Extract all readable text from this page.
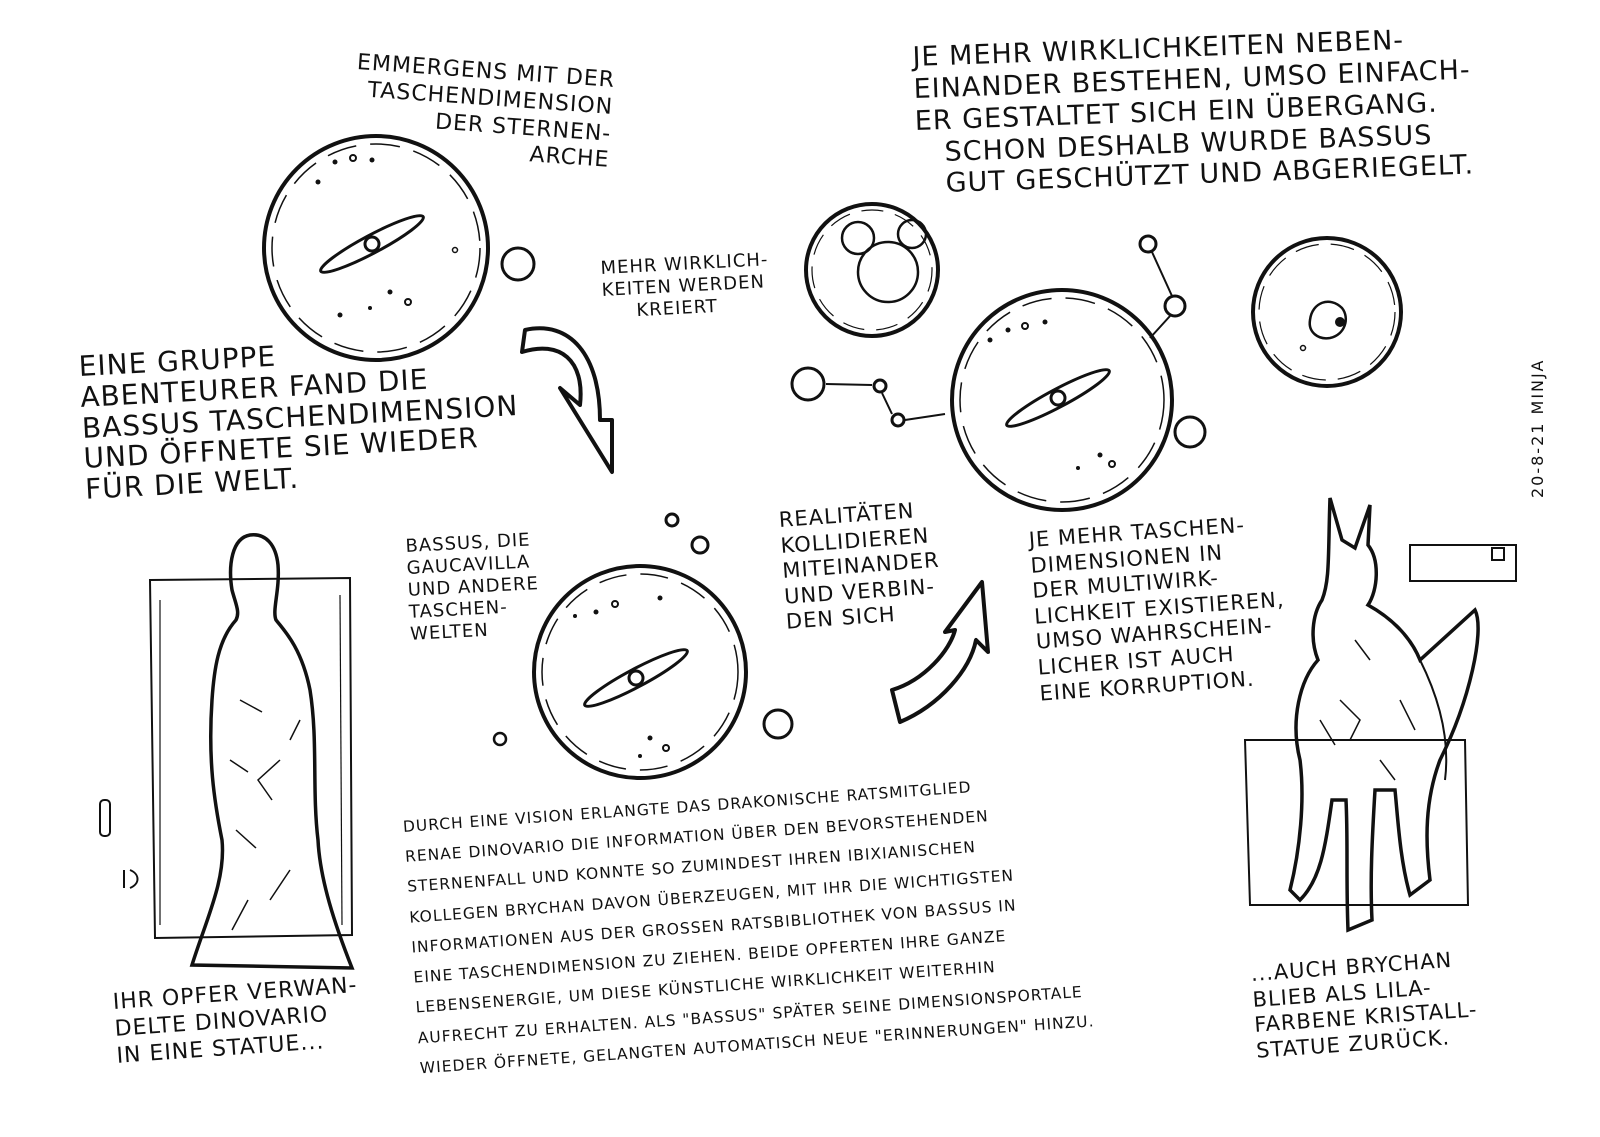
EMMERGENS MIT DER
TASCHENDIMENSION
DER STERNEN-
ARCHE
JE MEHR WIRKLICHKEITEN NEBEN-
EINANDER BESTEHEN, UMSO EINFACH-
ER GESTALTET SICH EIN ÜBERGANG.
SCHON DESHALB WURDE BASSUS
GUT GESCHÜTZT UND ABGERIEGELT.
MEHR WIRKLICH-
KEITEN WERDEN
KREIERT
EINE GRUPPE
ABENTEURER FAND DIE
BASSUS TASCHENDIMENSION
UND ÖFFNETE SIE WIEDER
FÜR DIE WELT.
BASSUS, DIE
GAUCAVILLA
UND ANDERE
TASCHEN-
WELTEN
REALITÄTEN
KOLLIDIEREN
MITEINANDER
UND VERBIN-
DEN SICH
JE MEHR TASCHEN-
DIMENSIONEN IN
DER MULTIWIRK-
LICHKEIT EXISTIEREN,
UMSO WAHRSCHEIN-
LICHER IST AUCH
EINE KORRUPTION.
DURCH EINE VISION ERLANGTE DAS DRAKONISCHE RATSMITGLIED
RENAE DINOVARIO DIE INFORMATION ÜBER DEN BEVORSTEHENDEN
STERNENFALL UND KONNTE SO ZUMINDEST IHREN IBIXIANISCHEN
KOLLEGEN BRYCHAN DAVON ÜBERZEUGEN, MIT IHR DIE WICHTIGSTEN
INFORMATIONEN AUS DER GROSSEN RATSBIBLIOTHEK VON BASSUS IN
EINE TASCHENDIMENSION ZU ZIEHEN. BEIDE OPFERTEN IHRE GANZE
LEBENSENERGIE, UM DIESE KÜNSTLICHE WIRKLICHKEIT WEITERHIN
AUFRECHT ZU ERHALTEN. ALS "BASSUS" SPÄTER SEINE DIMENSIONSPORTALE
WIEDER ÖFFNETE, GELANGTEN AUTOMATISCH NEUE "ERINNERUNGEN" HINZU.
IHR OPFER VERWAN-
DELTE DINOVARIO
IN EINE STATUE...
...AUCH BRYCHAN
BLIEB ALS LILA-
FARBENE KRISTALL-
STATUE ZURÜCK.
20-8-21 MINJA
